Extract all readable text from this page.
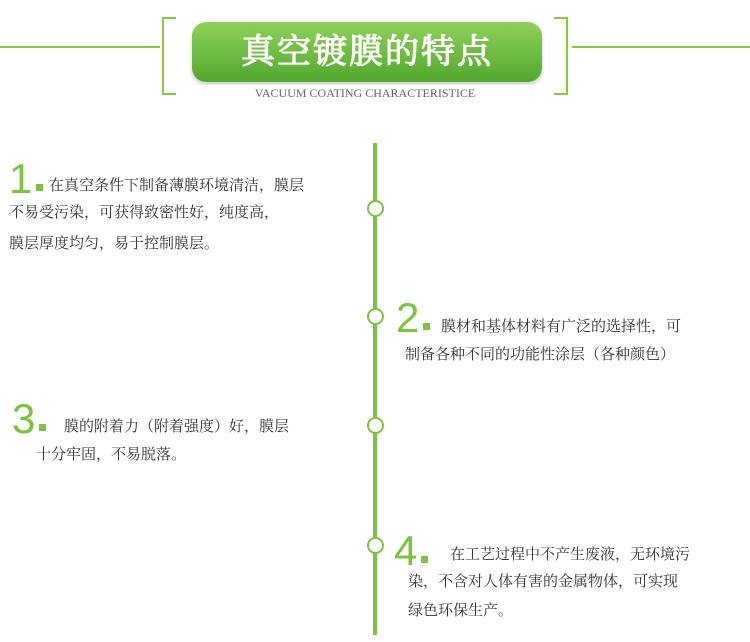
真空镀膜的特点
VACUUM COATING CHARACTERISTICE
1 在真空条件下制备薄膜环境清洁，膜层

不易受污染，可获得致密性好，纯度高，

膜层厚度均匀，易于控制膜层。

2 膜材和基体材料有广泛的选择性，可

制备各种不同的功能性涂层（各种颜色）

3 膜的附着力（附着强度）好，膜层

十分牢固，不易脱落。

4 在工艺过程中不产生废液，无环境污

染，不含对人体有害的金属物体，可实现

绿色环保生产。
